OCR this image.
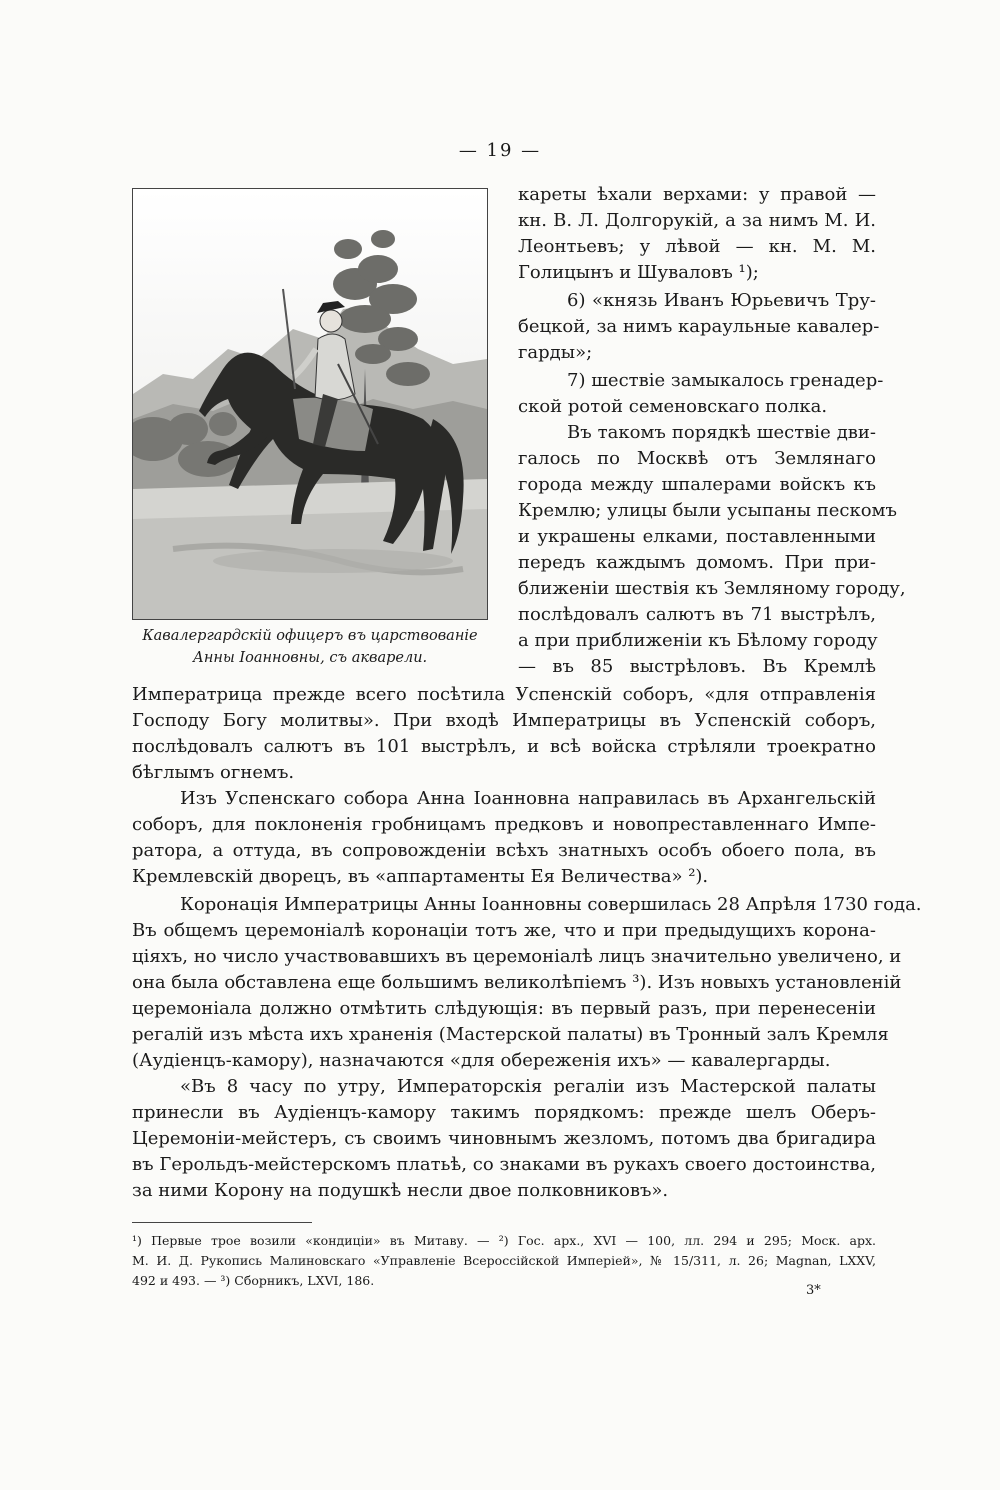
— 19 —
Кавалергардскій офицеръ въ царствованіе
Анны Іоанновны, съ акварели.
кареты ѣхали верхами: у правой —
кн. В. Л. Долгорукій, а за нимъ М. И.
Леонтьевъ; у лѣвой — кн. М. М.
Голицынъ и Шуваловъ ¹);
6) «князь Иванъ Юрьевичъ Тру-
бецкой, за нимъ караульные кавалер-
гарды»;
7) шествіе замыкалось гренадер-
ской ротой семеновскаго полка.
Въ такомъ порядкѣ шествіе дви-
галось по Москвѣ отъ Землянаго
города между шпалерами войскъ къ
Кремлю; улицы были усыпаны пескомъ
и украшены елками, поставленными
передъ каждымъ домомъ. При при-
ближеніи шествія къ Земляному городу,
послѣдовалъ салютъ въ 71 выстрѣлъ,
а при приближеніи къ Бѣлому городу
— въ 85 выстрѣловъ. Въ Кремлѣ
Императрица прежде всего посѣтила Успенскій соборъ, «для отправленія
Господу Богу молитвы». При входѣ Императрицы въ Успенскій соборъ,
послѣдовалъ салютъ въ 101 выстрѣлъ, и всѣ войска стрѣляли троекратно
бѣглымъ огнемъ.
Изъ Успенскаго собора Анна Іоанновна направилась въ Архангельскій
соборъ, для поклоненія гробницамъ предковъ и новопреставленнаго Импе-
ратора, а оттуда, въ сопровожденіи всѣхъ знатныхъ особъ обоего пола, въ
Кремлевскій дворецъ, въ «аппартаменты Ея Величества» ²).
Коронація Императрицы Анны Іоанновны совершилась 28 Апрѣля 1730 года.
Въ общемъ церемоніалѣ коронаціи тотъ же, что и при предыдущихъ корона-
ціяхъ, но число участвовавшихъ въ церемоніалѣ лицъ значительно увеличено, и
она была обставлена еще большимъ великолѣпіемъ ³). Изъ новыхъ установленій
церемоніала должно отмѣтить слѣдующія: въ первый разъ, при перенесеніи
регалій изъ мѣста ихъ храненія (Мастерской палаты) въ Тронный залъ Кремля
(Аудіенцъ-камору), назначаются «для обереженія ихъ» — кавалергарды.
«Въ 8 часу по утру, Императорскія регаліи изъ Мастерской палаты
принесли въ Аудіенцъ-камору такимъ порядкомъ: прежде шелъ Оберъ-
Церемоніи-мейстеръ, съ своимъ чиновнымъ жезломъ, потомъ два бригадира
въ Герольдъ-мейстерскомъ платьѣ, со знаками въ рукахъ своего достоинства,
за ними Корону на подушкѣ несли двое полковниковъ».
¹) Первые трое возили «кондиціи» въ Митаву. — ²) Гос. арх., XVI — 100, лл. 294 и 295; Моск. арх.
М. И. Д. Рукопись Малиновскаго «Управленіе Всероссійской Имперіей», № 15/311, л. 26; Magnan, LXXV,
492 и 493. — ³) Сборникъ, LXVI, 186.
3*
